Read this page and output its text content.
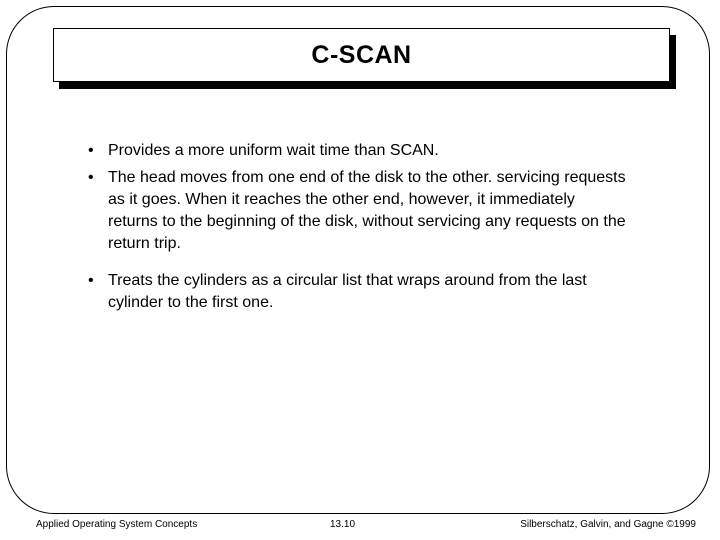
C-SCAN
• Provides a more uniform wait time than SCAN.
• The head moves from one end of the disk to the other. servicing requests as it goes. When it reaches the other end, however, it immediately returns to the beginning of the disk, without servicing any requests on the return trip.
• Treats the cylinders as a circular list that wraps around from the last cylinder to the first one.
Applied Operating System Concepts	13.10	Silberschatz, Galvin, and Gagne ©1999
